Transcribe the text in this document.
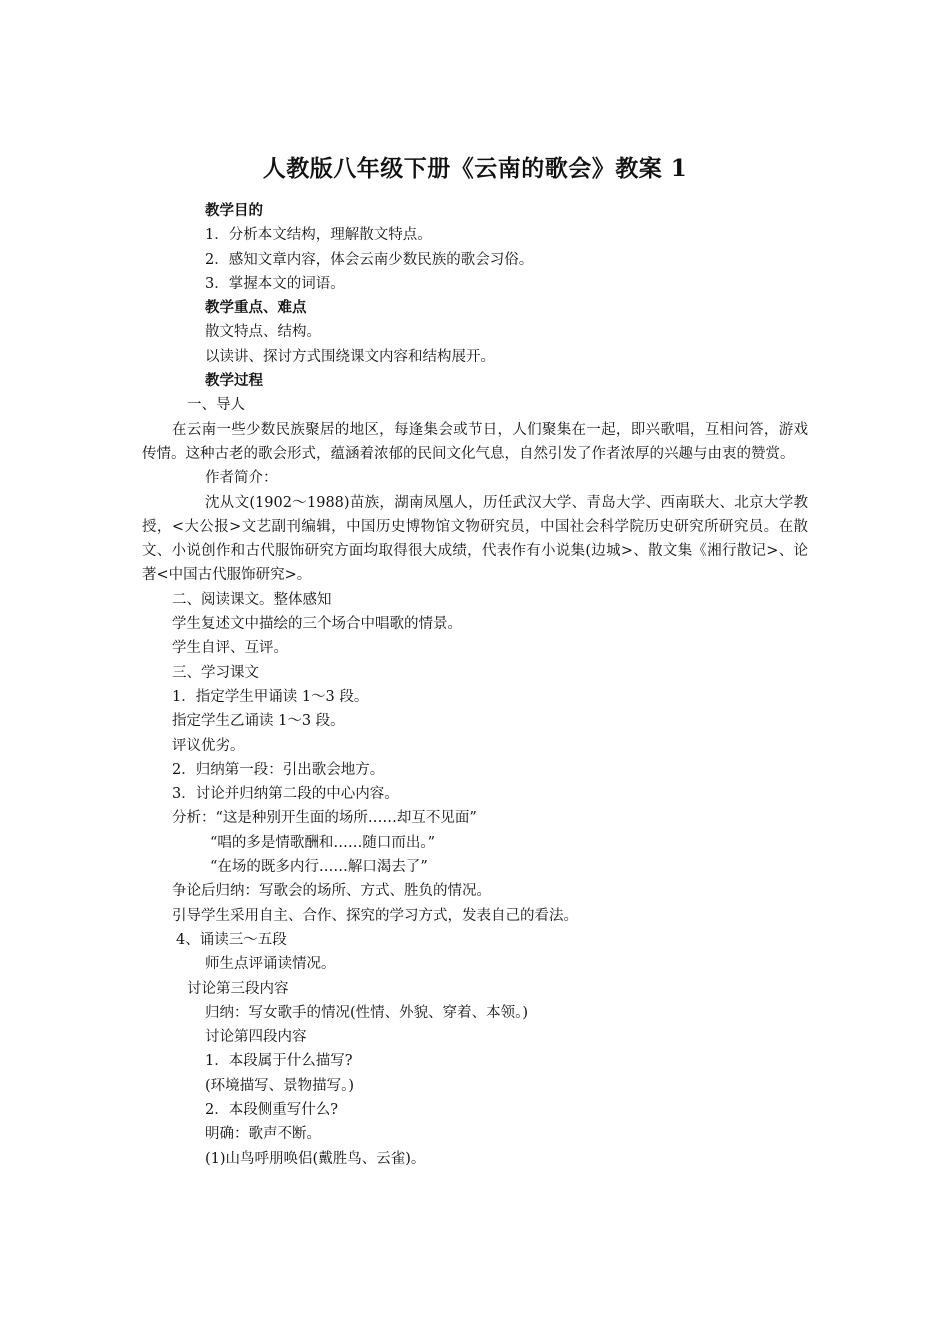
人教版八年级下册《云南的歌会》教案 1
教学目的
1．分析本文结构，理解散文特点。
2．感知文章内容，体会云南少数民族的歌会习俗。
3．掌握本文的词语。
教学重点、难点
散文特点、结构。
以读讲、探讨方式围绕课文内容和结构展开。
教学过程
一、导人
在云南一些少数民族聚居的地区，每逢集会或节日，人们聚集在一起，即兴歌唱，互相问答，游戏传情。这种古老的歌会形式，蕴涵着浓郁的民间文化气息，自然引发了作者浓厚的兴趣与由衷的赞赏。
作者简介：
沈从文(1902～1988)苗族，湖南凤凰人，历任武汉大学、青岛大学、西南联大、北京大学教授，<大公报>文艺副刊编辑，中国历史博物馆文物研究员，中国社会科学院历史研究所研究员。在散文、小说创作和古代服饰研究方面均取得很大成绩，代表作有小说集(边城>、散文集《湘行散记>、论著<中国古代服饰研究>。
二、阅读课文。整体感知
学生复述文中描绘的三个场合中唱歌的情景。
学生自评、互评。
三、学习课文
1．指定学生甲诵读 1～3 段。
指定学生乙诵读 1～3 段。
评议优劣。
2．归纳第一段：引出歌会地方。
3．讨论并归纳第二段的中心内容。
分析：“这是种别开生面的场所……却互不见面”
“唱的多是情歌酬和……随口而出。”
“在场的既多内行……解口渴去了”
争论后归纳：写歌会的场所、方式、胜负的情况。
引导学生采用自主、合作、探究的学习方式，发表自己的看法。
4、诵读三～五段
师生点评诵读情况。
讨论第三段内容
归纳：写女歌手的情况(性情、外貌、穿着、本领。)
讨论第四段内容
1．本段属于什么描写?
(环境描写、景物描写。)
2．本段侧重写什么?
明确：歌声不断。
(1)山鸟呼朋唤侣(戴胜鸟、云雀)。
